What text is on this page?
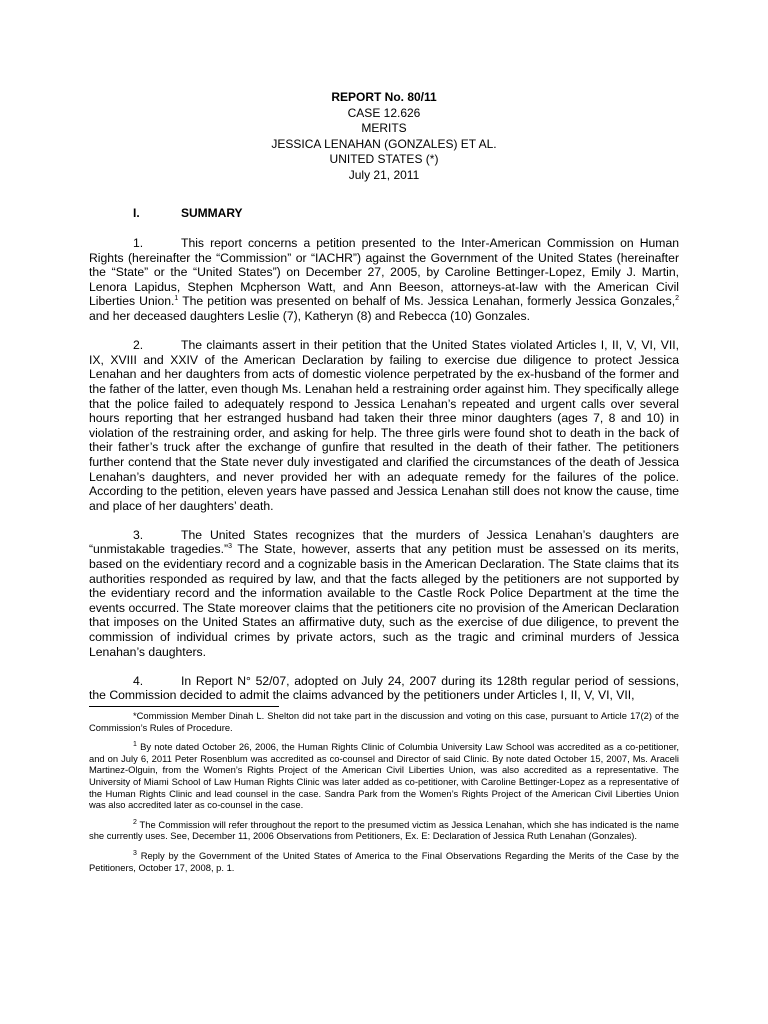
REPORT No. 80/11
CASE 12.626
MERITS
JESSICA LENAHAN (GONZALES) ET AL.
UNITED STATES (*)
July 21, 2011
I.	SUMMARY

1.	This report concerns a petition presented to the Inter-American Commission on Human Rights (hereinafter the “Commission” or “IACHR”) against the Government of the United States (hereinafter the “State” or the “United States”) on December 27, 2005, by Caroline Bettinger-Lopez, Emily J. Martin, Lenora Lapidus, Stephen Mcpherson Watt, and Ann Beeson, attorneys-at-law with the American Civil Liberties Union.$^1$ The petition was presented on behalf of Ms. Jessica Lenahan, formerly Jessica Gonzales,$^2$ and her deceased daughters Leslie (7), Katheryn (8) and Rebecca (10) Gonzales.

2.	The claimants assert in their petition that the United States violated Articles I, II, V, VI, VII, IX, XVIII and XXIV of the American Declaration by failing to exercise due diligence to protect Jessica Lenahan and her daughters from acts of domestic violence perpetrated by the ex-husband of the former and the father of the latter, even though Ms. Lenahan held a restraining order against him. They specifically allege that the police failed to adequately respond to Jessica Lenahan’s repeated and urgent calls over several hours reporting that her estranged husband had taken their three minor daughters (ages 7, 8 and 10) in violation of the restraining order, and asking for help. The three girls were found shot to death in the back of their father’s truck after the exchange of gunfire that resulted in the death of their father. The petitioners further contend that the State never duly investigated and clarified the circumstances of the death of Jessica Lenahan’s daughters, and never provided her with an adequate remedy for the failures of the police. According to the petition, eleven years have passed and Jessica Lenahan still does not know the cause, time and place of her daughters’ death.

3.	The United States recognizes that the murders of Jessica Lenahan’s daughters are “unmistakable tragedies.”$^3$ The State, however, asserts that any petition must be assessed on its merits, based on the evidentiary record and a cognizable basis in the American Declaration. The State claims that its authorities responded as required by law, and that the facts alleged by the petitioners are not supported by the evidentiary record and the information available to the Castle Rock Police Department at the time the events occurred. The State moreover claims that the petitioners cite no provision of the American Declaration that imposes on the United States an affirmative duty, such as the exercise of due diligence, to prevent the commission of individual crimes by private actors, such as the tragic and criminal murders of Jessica Lenahan’s daughters.

4.	In Report N° 52/07, adopted on July 24, 2007 during its 128th regular period of sessions, the Commission decided to admit the claims advanced by the petitioners under Articles I, II, V, VI, VII,

*Commission Member Dinah L. Shelton did not take part in the discussion and voting on this case, pursuant to Article 17(2) of the Commission’s Rules of Procedure.

$^1$ By note dated October 26, 2006, the Human Rights Clinic of Columbia University Law School was accredited as a co-petitioner, and on July 6, 2011 Peter Rosenblum was accredited as co-counsel and Director of said Clinic. By note dated October 15, 2007, Ms. Araceli Martinez-Olguin, from the Women’s Rights Project of the American Civil Liberties Union, was also accredited as a representative. The University of Miami School of Law Human Rights Clinic was later added as co-petitioner, with Caroline Bettinger-Lopez as a representative of the Human Rights Clinic and lead counsel in the case. Sandra Park from the Women’s Rights Project of the American Civil Liberties Union was also accredited later as co-counsel in the case.

$^2$ The Commission will refer throughout the report to the presumed victim as Jessica Lenahan, which she has indicated is the name she currently uses. See, December 11, 2006 Observations from Petitioners, Ex. E: Declaration of Jessica Ruth Lenahan (Gonzales).

$^3$ Reply by the Government of the United States of America to the Final Observations Regarding the Merits of the Case by the Petitioners, October 17, 2008, p. 1.
